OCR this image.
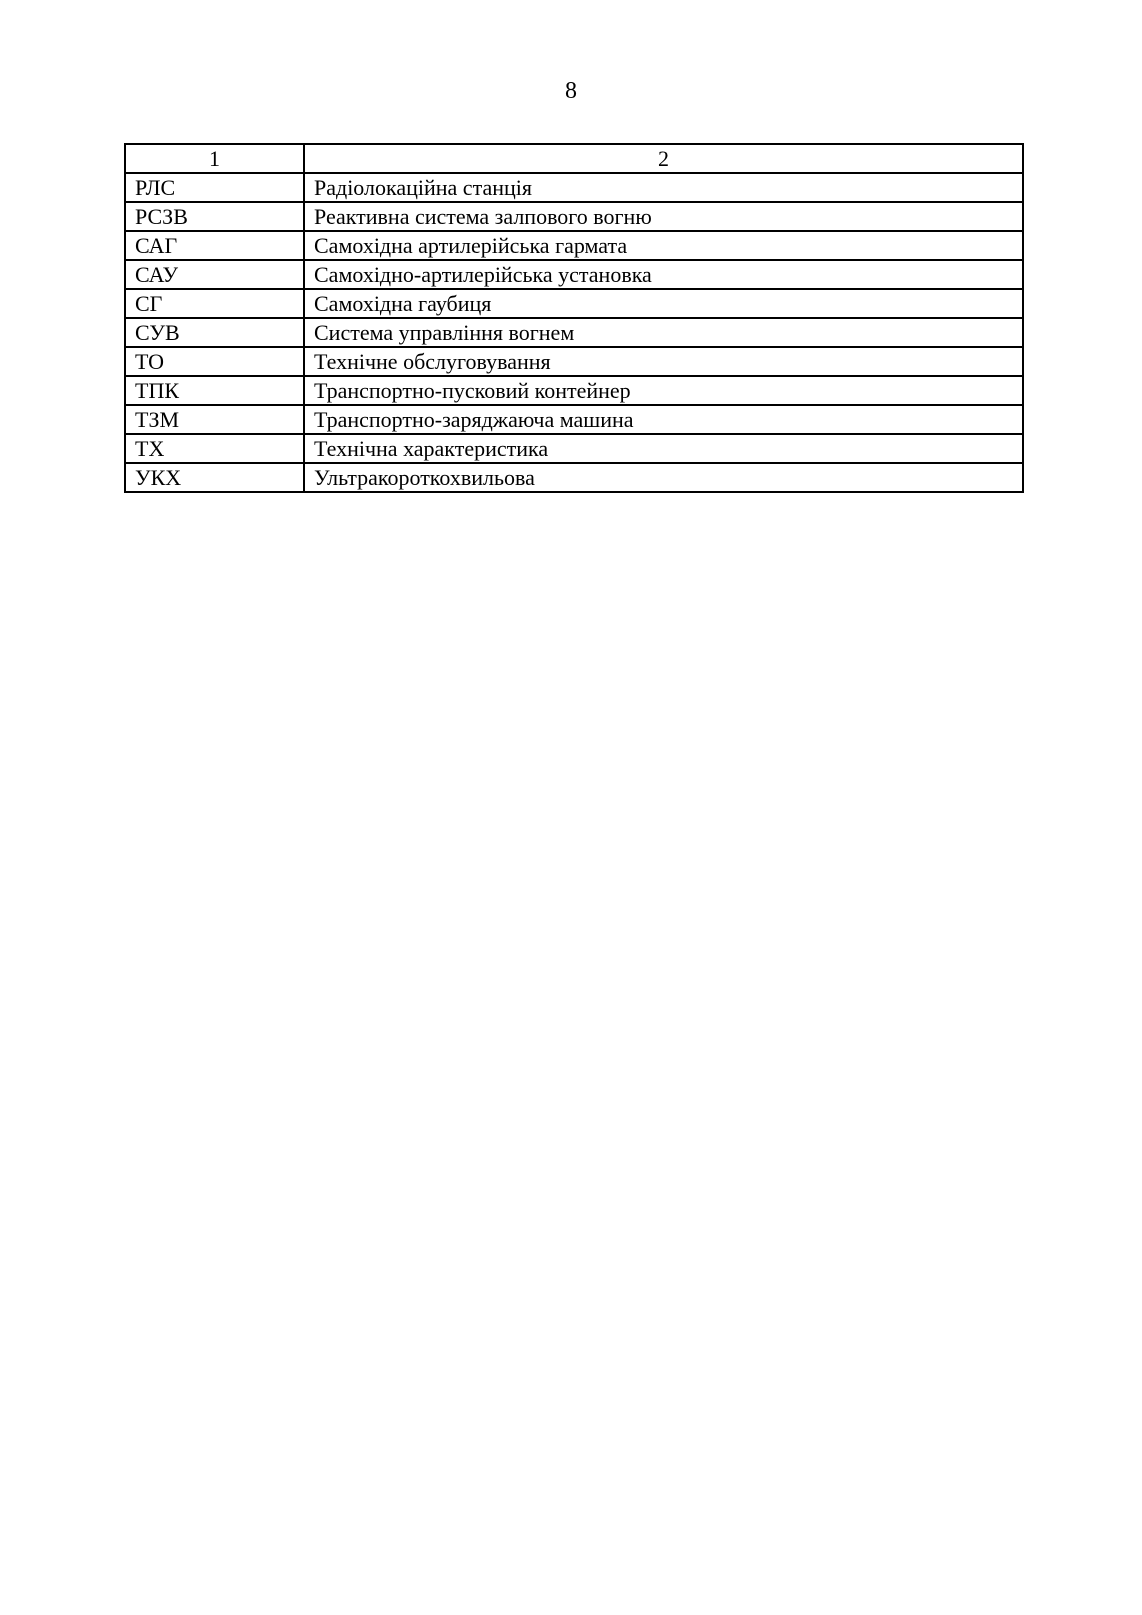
8
1	2
РЛС	Радіолокаційна станція
РСЗВ	Реактивна система залпового вогню
САГ	Самохідна артилерійська гармата
САУ	Самохідно-артилерійська установка
СГ	Самохідна гаубиця
СУВ	Система управління вогнем
ТО	Технічне обслуговування
ТПК	Транспортно-пусковий контейнер
ТЗМ	Транспортно-заряджаюча машина
ТХ	Технічна характеристика
УКХ	Ультракороткохвильова
